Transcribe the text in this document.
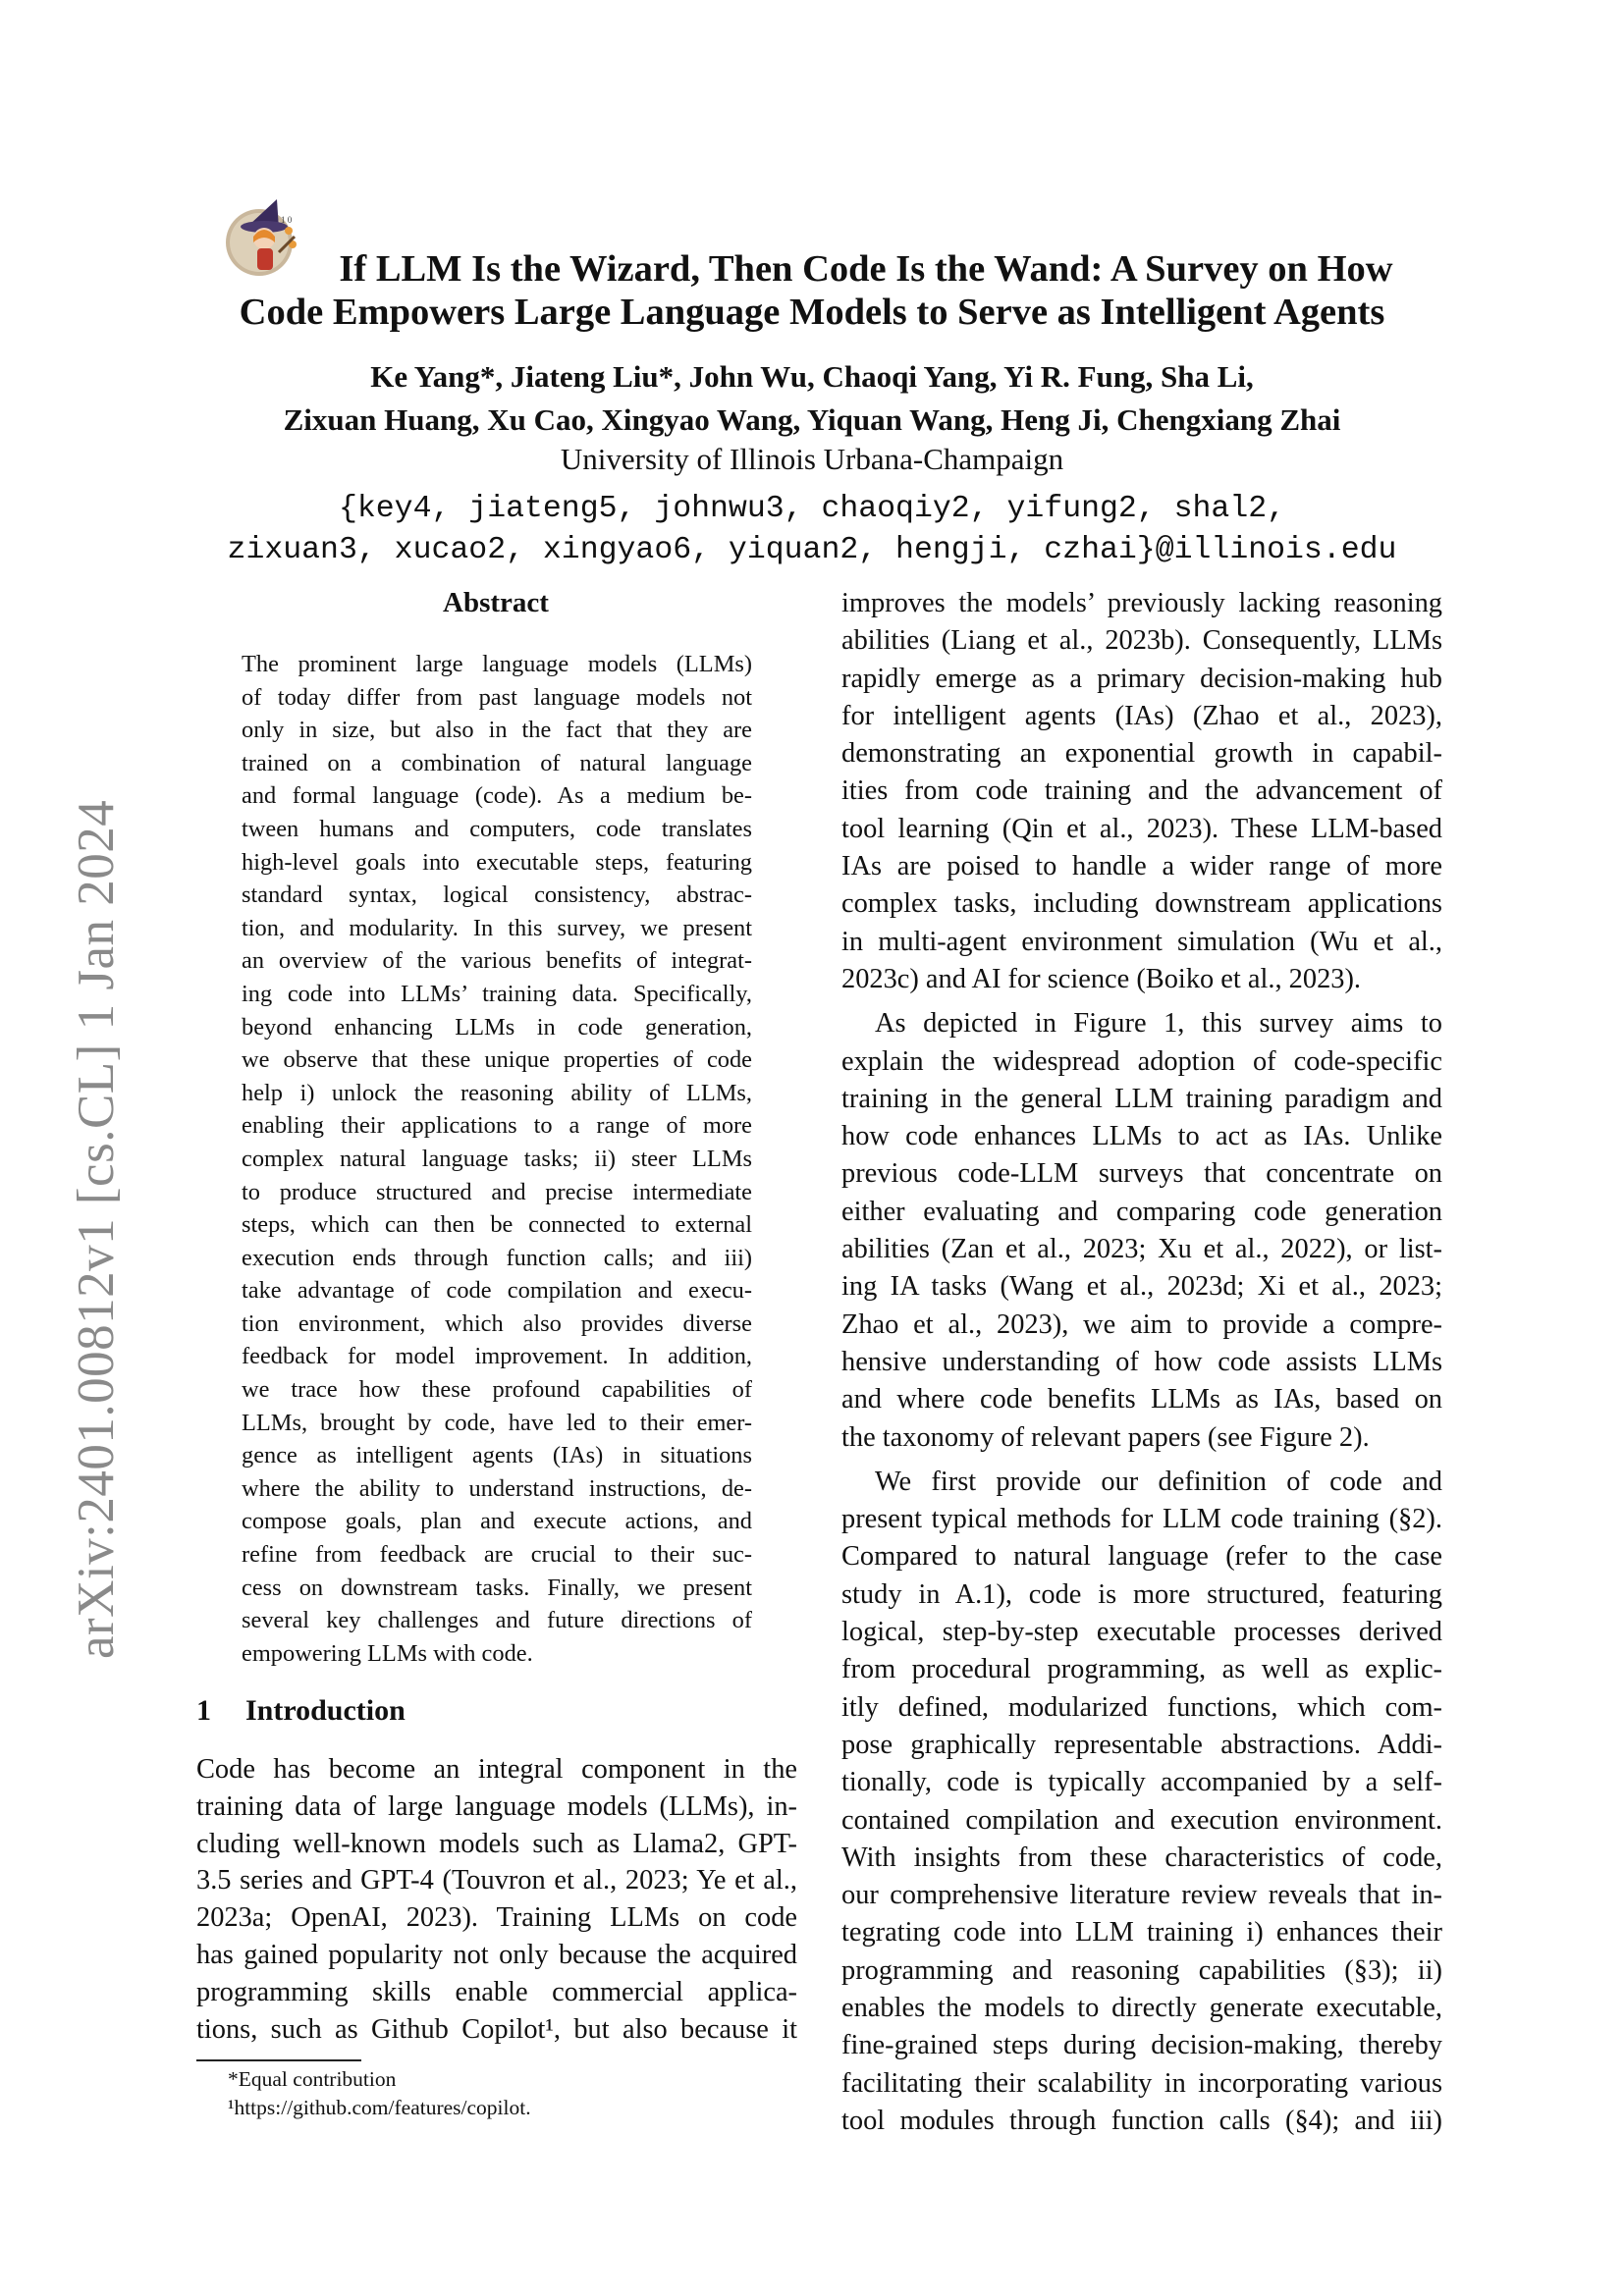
arXiv:2401.00812v1 [cs.CL] 1 Jan 2024
1 0
If LLM Is the Wizard, Then Code Is the Wand: A Survey on How
Code Empowers Large Language Models to Serve as Intelligent Agents
Ke Yang*, Jiateng Liu*, John Wu, Chaoqi Yang, Yi R. Fung, Sha Li,
Zixuan Huang, Xu Cao, Xingyao Wang, Yiquan Wang, Heng Ji, Chengxiang Zhai
University of Illinois Urbana-Champaign
{key4, jiateng5, johnwu3, chaoqiy2, yifung2, shal2,
zixuan3, xucao2, xingyao6, yiquan2, hengji, czhai}@illinois.edu
Abstract
The prominent large language models (LLMs)
of today differ from past language models not
only in size, but also in the fact that they are
trained on a combination of natural language
and formal language (code). As a medium be-
tween humans and computers, code translates
high-level goals into executable steps, featuring
standard syntax, logical consistency, abstrac-
tion, and modularity. In this survey, we present
an overview of the various benefits of integrat-
ing code into LLMs’ training data. Specifically,
beyond enhancing LLMs in code generation,
we observe that these unique properties of code
help i) unlock the reasoning ability of LLMs,
enabling their applications to a range of more
complex natural language tasks; ii) steer LLMs
to produce structured and precise intermediate
steps, which can then be connected to external
execution ends through function calls; and iii)
take advantage of code compilation and execu-
tion environment, which also provides diverse
feedback for model improvement. In addition,
we trace how these profound capabilities of
LLMs, brought by code, have led to their emer-
gence as intelligent agents (IAs) in situations
where the ability to understand instructions, de-
compose goals, plan and execute actions, and
refine from feedback are crucial to their suc-
cess on downstream tasks. Finally, we present
several key challenges and future directions of
empowering LLMs with code.
1 Introduction
Code has become an integral component in the
training data of large language models (LLMs), in-
cluding well-known models such as Llama2, GPT-
3.5 series and GPT-4 (Touvron et al., 2023; Ye et al.,
2023a; OpenAI, 2023). Training LLMs on code
has gained popularity not only because the acquired
programming skills enable commercial applica-
tions, such as Github Copilot¹, but also because it
improves the models’ previously lacking reasoning
abilities (Liang et al., 2023b). Consequently, LLMs
rapidly emerge as a primary decision-making hub
for intelligent agents (IAs) (Zhao et al., 2023),
demonstrating an exponential growth in capabil-
ities from code training and the advancement of
tool learning (Qin et al., 2023). These LLM-based
IAs are poised to handle a wider range of more
complex tasks, including downstream applications
in multi-agent environment simulation (Wu et al.,
2023c) and AI for science (Boiko et al., 2023).
As depicted in Figure 1, this survey aims to
explain the widespread adoption of code-specific
training in the general LLM training paradigm and
how code enhances LLMs to act as IAs. Unlike
previous code-LLM surveys that concentrate on
either evaluating and comparing code generation
abilities (Zan et al., 2023; Xu et al., 2022), or list-
ing IA tasks (Wang et al., 2023d; Xi et al., 2023;
Zhao et al., 2023), we aim to provide a compre-
hensive understanding of how code assists LLMs
and where code benefits LLMs as IAs, based on
the taxonomy of relevant papers (see Figure 2).
We first provide our definition of code and
present typical methods for LLM code training (§2).
Compared to natural language (refer to the case
study in A.1), code is more structured, featuring
logical, step-by-step executable processes derived
from procedural programming, as well as explic-
itly defined, modularized functions, which com-
pose graphically representable abstractions. Addi-
tionally, code is typically accompanied by a self-
contained compilation and execution environment.
With insights from these characteristics of code,
our comprehensive literature review reveals that in-
tegrating code into LLM training i) enhances their
programming and reasoning capabilities (§3); ii)
enables the models to directly generate executable,
fine-grained steps during decision-making, thereby
facilitating their scalability in incorporating various
tool modules through function calls (§4); and iii)
*Equal contribution
¹https://github.com/features/copilot.
